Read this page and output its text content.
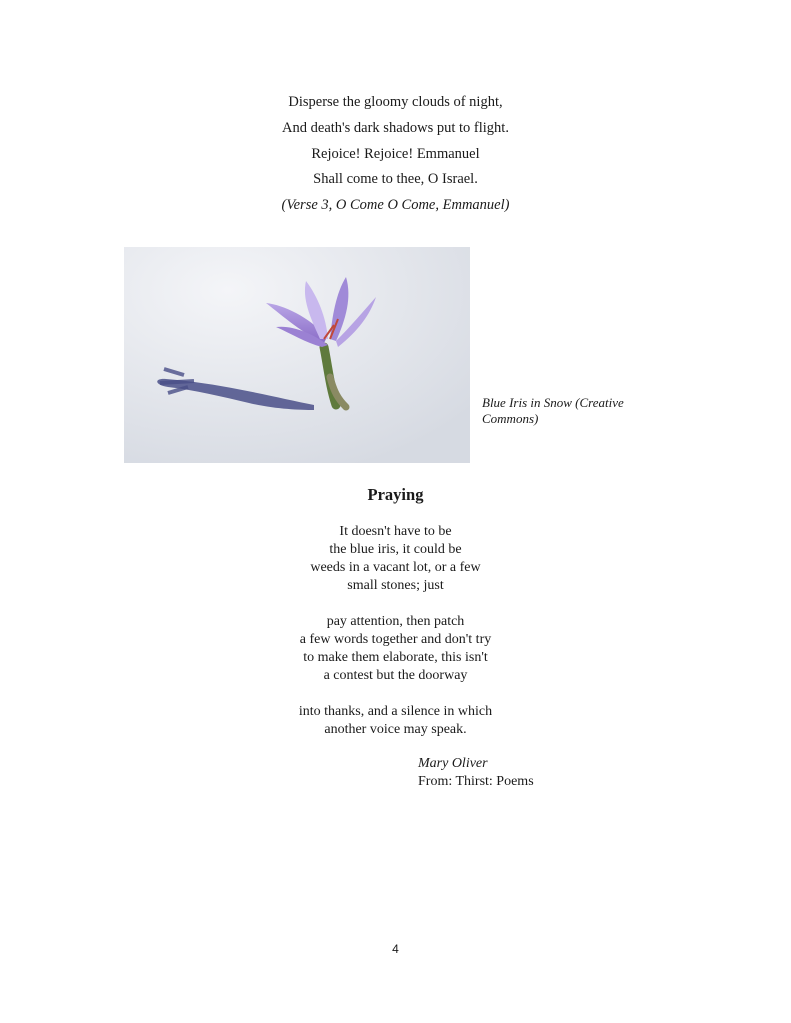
Disperse the gloomy clouds of night,
And death's dark shadows put to flight.
Rejoice! Rejoice! Emmanuel
Shall come to thee, O Israel.
(Verse 3, O Come O Come, Emmanuel)
Blue Iris in Snow (Creative Commons)
Praying
It doesn't have to be
the blue iris, it could be
weeds in a vacant lot, or a few
small stones; just
pay attention, then patch
a few words together and don't try
to make them elaborate, this isn't
a contest but the doorway
into thanks, and a silence in which
another voice may speak.
Mary Oliver
From: Thirst: Poems
4
